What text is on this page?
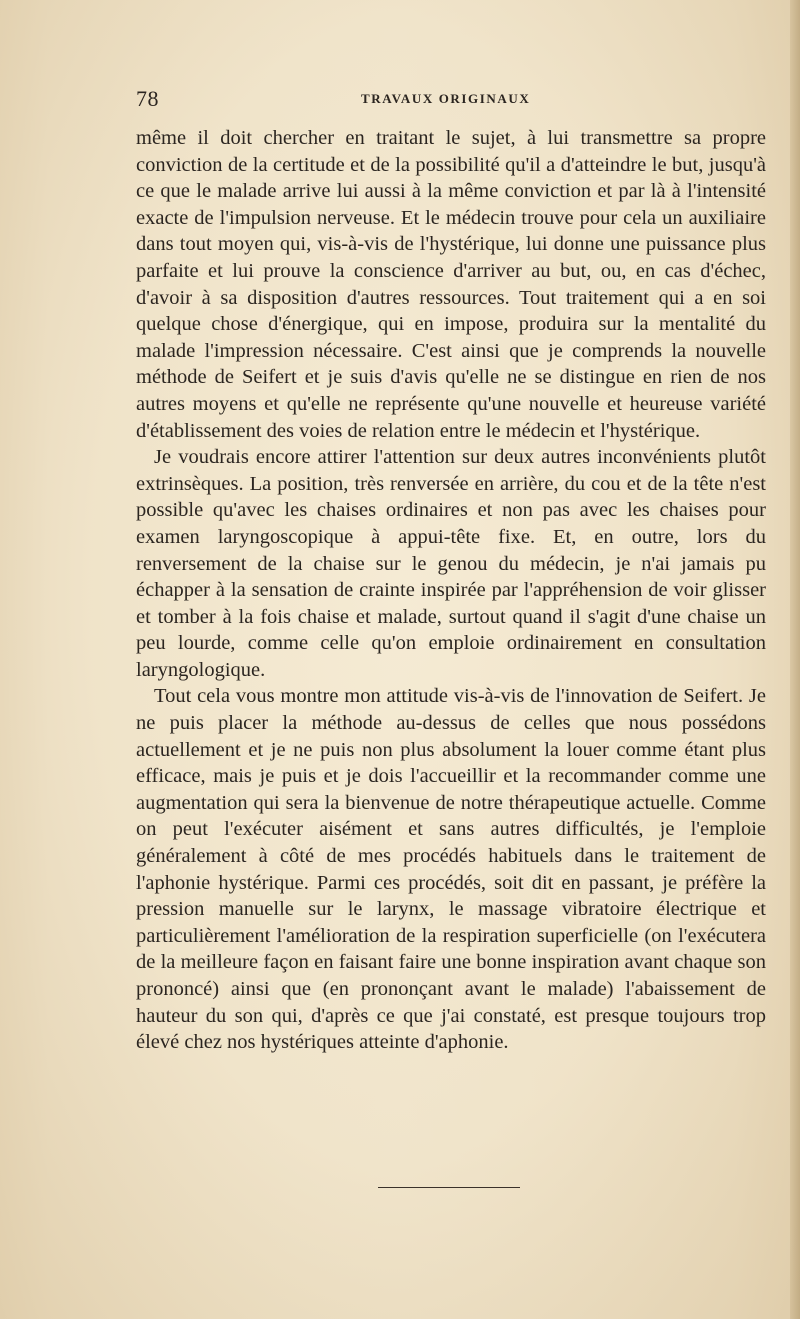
78	TRAVAUX ORIGINAUX

même il doit chercher en traitant le sujet, à lui transmettre sa propre conviction de la certitude et de la possibilité qu'il a d'atteindre le but, jusqu'à ce que le malade arrive lui aussi à la même conviction et par là à l'intensité exacte de l'impulsion nerveuse. Et le médecin trouve pour cela un auxiliaire dans tout moyen qui, vis-à-vis de l'hystérique, lui donne une puissance plus parfaite et lui prouve la conscience d'arriver au but, ou, en cas d'échec, d'avoir à sa disposition d'autres ressources. Tout traitement qui a en soi quelque chose d'énergique, qui en impose, produira sur la mentalité du malade l'impression nécessaire. C'est ainsi que je comprends la nouvelle méthode de Seifert et je suis d'avis qu'elle ne se distingue en rien de nos autres moyens et qu'elle ne représente qu'une nouvelle et heureuse variété d'établissement des voies de relation entre le médecin et l'hystérique.

Je voudrais encore attirer l'attention sur deux autres inconvénients plutôt extrinsèques. La position, très renversée en arrière, du cou et de la tête n'est possible qu'avec les chaises ordinaires et non pas avec les chaises pour examen laryngoscopique à appui-tête fixe. Et, en outre, lors du renversement de la chaise sur le genou du médecin, je n'ai jamais pu échapper à la sensation de crainte inspirée par l'appréhension de voir glisser et tomber à la fois chaise et malade, surtout quand il s'agit d'une chaise un peu lourde, comme celle qu'on emploie ordinairement en consultation laryngologique.

Tout cela vous montre mon attitude vis-à-vis de l'innovation de Seifert. Je ne puis placer la méthode au-dessus de celles que nous possédons actuellement et je ne puis non plus absolument la louer comme étant plus efficace, mais je puis et je dois l'accueillir et la recommander comme une augmentation qui sera la bienvenue de notre thérapeutique actuelle. Comme on peut l'exécuter aisément et sans autres difficultés, je l'emploie généralement à côté de mes procédés habituels dans le traitement de l'aphonie hystérique. Parmi ces procédés, soit dit en passant, je préfère la pression manuelle sur le larynx, le massage vibratoire électrique et particulièrement l'amélioration de la respiration superficielle (on l'exécutera de la meilleure façon en faisant faire une bonne inspiration avant chaque son prononcé) ainsi que (en prononçant avant le malade) l'abaissement de hauteur du son qui, d'après ce que j'ai constaté, est presque toujours trop élevé chez nos hystériques atteinte d'aphonie.
